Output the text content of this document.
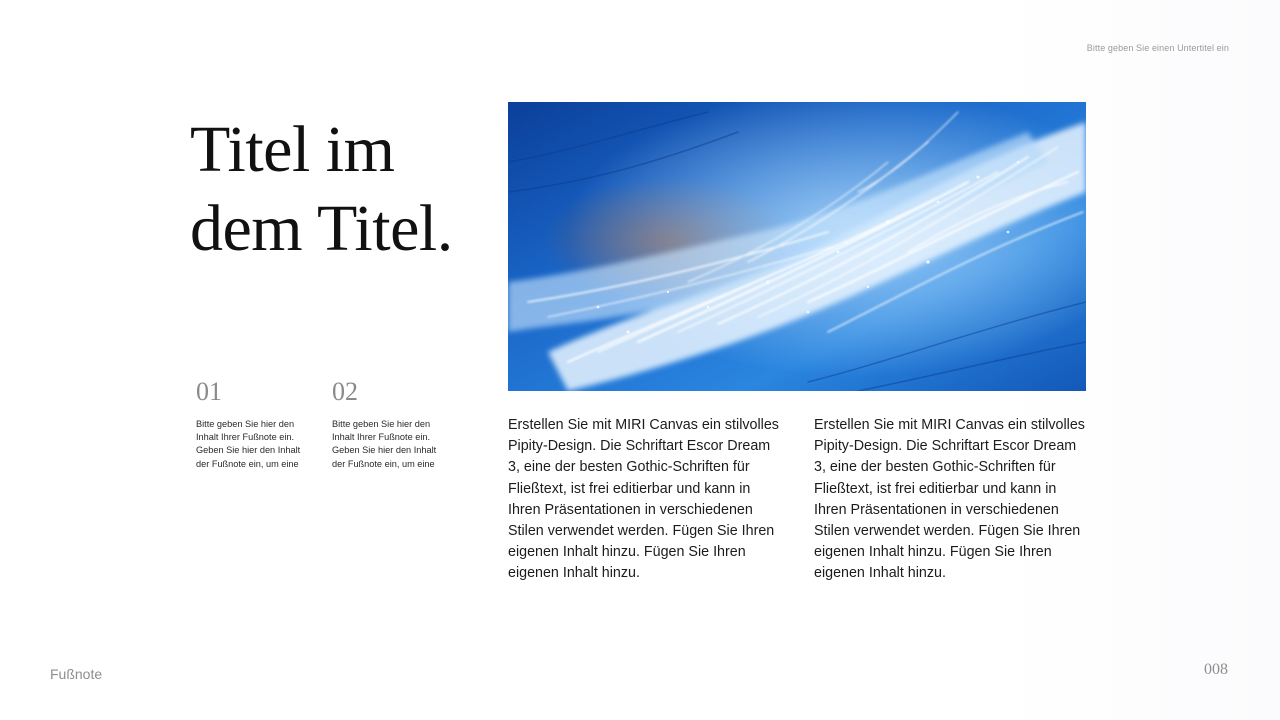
Bitte geben Sie einen Untertitel ein
Titel im
dem Titel.
01
Bitte geben Sie hier den Inhalt Ihrer Fußnote ein. Geben Sie hier den Inhalt der Fußnote ein, um eine
02
Bitte geben Sie hier den Inhalt Ihrer Fußnote ein. Geben Sie hier den Inhalt der Fußnote ein, um eine
Erstellen Sie mit MIRI Canvas ein stilvolles Pipity-Design. Die Schriftart Escor Dream 3, eine der besten Gothic-Schriften für Fließtext, ist frei editierbar und kann in Ihren Präsentationen in verschiedenen Stilen verwendet werden. Fügen Sie Ihren eigenen Inhalt hinzu. Fügen Sie Ihren eigenen Inhalt hinzu.
Erstellen Sie mit MIRI Canvas ein stilvolles Pipity-Design. Die Schriftart Escor Dream 3, eine der besten Gothic-Schriften für Fließtext, ist frei editierbar und kann in Ihren Präsentationen in verschiedenen Stilen verwendet werden. Fügen Sie Ihren eigenen Inhalt hinzu. Fügen Sie Ihren eigenen Inhalt hinzu.
Fußnote	008
